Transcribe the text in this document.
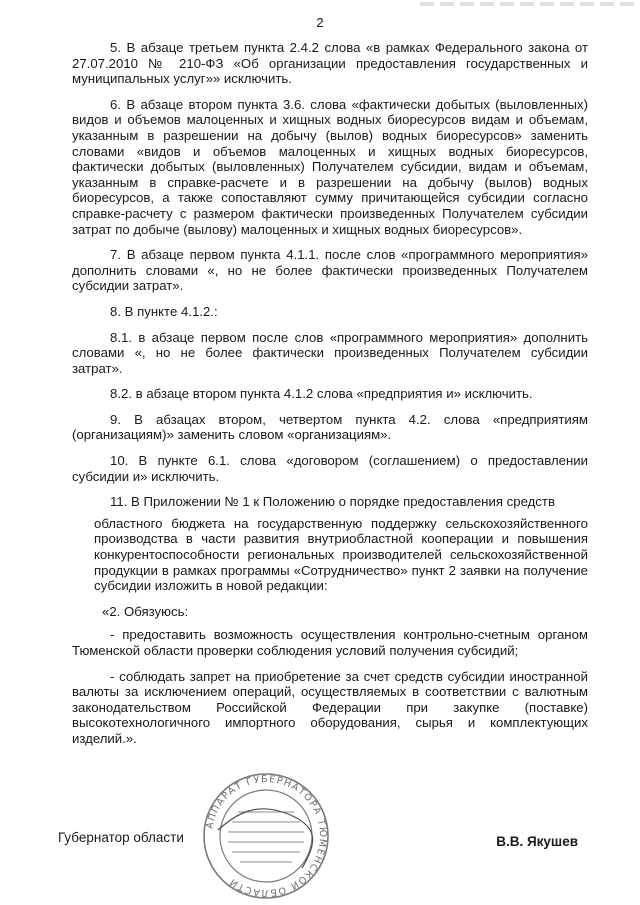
2

5. В абзаце третьем пункта 2.4.2 слова «в рамках Федерального закона от 27.07.2010 № 210-ФЗ «Об организации предоставления государственных и муниципальных услуг»» исключить.

6. В абзаце втором пункта 3.6. слова «фактически добытых (выловленных) видов и объемов малоценных и хищных водных биоресурсов видам и объемам, указанным в разрешении на добычу (вылов) водных биоресурсов» заменить словами «видов и объемов малоценных и хищных водных биоресурсов, фактически добытых (выловленных) Получателем субсидии, видам и объемам, указанным в справке-расчете и в разрешении на добычу (вылов) водных биоресурсов, а также сопоставляют сумму причитающейся субсидии согласно справке-расчету с размером фактически произведенных Получателем субсидии затрат по добыче (вылову) малоценных и хищных водных биоресурсов».

7. В абзаце первом пункта 4.1.1. после слов «программного мероприятия» дополнить словами «, но не более фактически произведенных Получателем субсидии затрат».

8. В пункте 4.1.2.:

8.1. в абзаце первом после слов «программного мероприятия» дополнить словами «, но не более фактически произведенных Получателем субсидии затрат».

8.2. в абзаце втором пункта 4.1.2 слова «предприятия и» исключить.

9. В абзацах втором, четвертом пункта 4.2. слова «предприятиям (организациям)» заменить словом «организациям».

10. В пункте 6.1. слова «договором (соглашением) о предоставлении субсидии и» исключить.

11. В Приложении № 1 к Положению о порядке предоставления средств

областного бюджета на государственную поддержку сельскохозяйственного производства в части развития внутриобластной кооперации и повышения конкурентоспособности региональных производителей сельскохозяйственной продукции в рамках программы «Сотрудничество» пункт 2 заявки на получение субсидии изложить в новой редакции:

«2. Обязуюсь:

- предоставить возможность осуществления контрольно-счетным органом Тюменской области проверки соблюдения условий получения субсидий;

- соблюдать запрет на приобретение за счет средств субсидии иностранной валюты за исключением операций, осуществляемых в соответствии с валютным законодательством Российской Федерации при закупке (поставке) высокотехнологичного импортного оборудования, сырья и комплектующих изделий.».

АППАРАТ ГУБЕРНАТОРА ТЮМЕНСКОЙ ОБЛАСТИ
Губернатор области	В.В. Якушев
